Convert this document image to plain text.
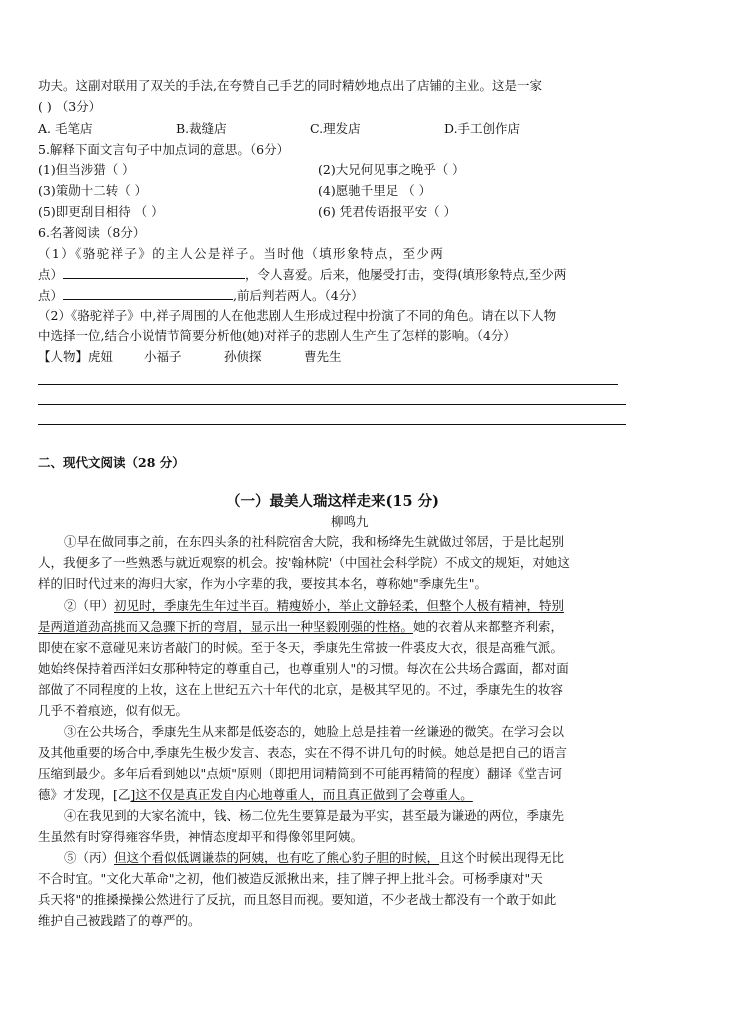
功夫。这副对联用了双关的手法,在夸赞自己手艺的同时精妙地点出了店铺的主业。这是一家
( ) （3分）
A. 毛笔店	B.裁缝店	C.理发店	D.手工创作店
5.解释下面文言句子中加点词的意思。（6分）
(1)但当涉猎（ ）	(2)大兄何见事之晚乎（ ）
(3)策勋十二转（ ）	(4)愿驰千里足 （ ）
(5)即更刮目相待 （ ）	(6) 凭君传语报平安（ ）
6.名著阅读（8分）
（1）《骆驼祥子》的主人公是祥子。当时他（填形象特点，至少两
点）	，令人喜爱。后来，他屡受打击，变得(填形象特点,至少两
点）	,前后判若两人。（4分）
（2）《骆驼祥子》中,祥子周围的人在他悲剧人生形成过程中扮演了不同的角色。请在以下人物
中选择一位,结合小说情节简要分析他(她)对祥子的悲剧人生产生了怎样的影响。（4分）
【人物】虎妞 小福子	孙侦探	曹先生
二、现代文阅读（28 分）
（一）最美人瑞这样走来(15 分)
柳鸣九
①早在做同事之前，在东四头条的社科院宿舍大院，我和杨绛先生就做过邻居，于是比起别
人，我便多了一些熟悉与就近观察的机会。按'翰林院'（中国社会科学院）不成文的规矩，对她这
样的旧时代过来的海归大家，作为小字辈的我，要按其本名，尊称她"季康先生"。
②（甲）初见时，季康先生年过半百。精瘦娇小，举止文静轻柔，但整个人极有精神，特别
是两道道劲高挑而又急骤下折的弯眉，显示出一种坚毅刚强的性格。她的衣着从来都整齐利索，
即使在家不意碰见来访者敲门的时候。至于冬天，季康先生常披一件裘皮大衣，很是高雅气派。
她始终保持着西洋妇女那种特定的尊重自己，也尊重别人"的习惯。每次在公共场合露面，都对面
部做了不同程度的上妆，这在上世纪五六十年代的北京，是极其罕见的。不过，季康先生的妆容
几乎不着痕迹，似有似无。
③在公共场合，季康先生从来都是低姿态的，她脸上总是挂着一丝谦逊的微笑。在学习会以
及其他重要的场合中,季康先生极少发言、表态，实在不得不讲几句的时候。她总是把自己的语言
压缩到最少。多年后看到她以"点烦"原则（即把用词精简到不可能再精简的程度）翻译《堂吉诃
德》才发现，[乙]这不仅是真正发自内心地尊重人，而且真正做到了会尊重人。
④在我见到的大家名流中，钱、杨二位先生要算是最为平实，甚至最为谦逊的两位，季康先
生虽然有时穿得雍容华贵，神情态度却平和得像邻里阿姨。
⑤（丙）但这个看似低调谦恭的阿姨，也有吃了熊心豹子胆的时候，且这个时候出现得无比
不合时宜。"文化大革命"之初，他们被造反派揪出来，挂了牌子押上批斗会。可杨季康对"天
兵天将"的推搡操操公然进行了反抗，而且怒目而视。要知道，不少老战士都没有一个敢于如此
维护自己被践踏了的尊严的。
